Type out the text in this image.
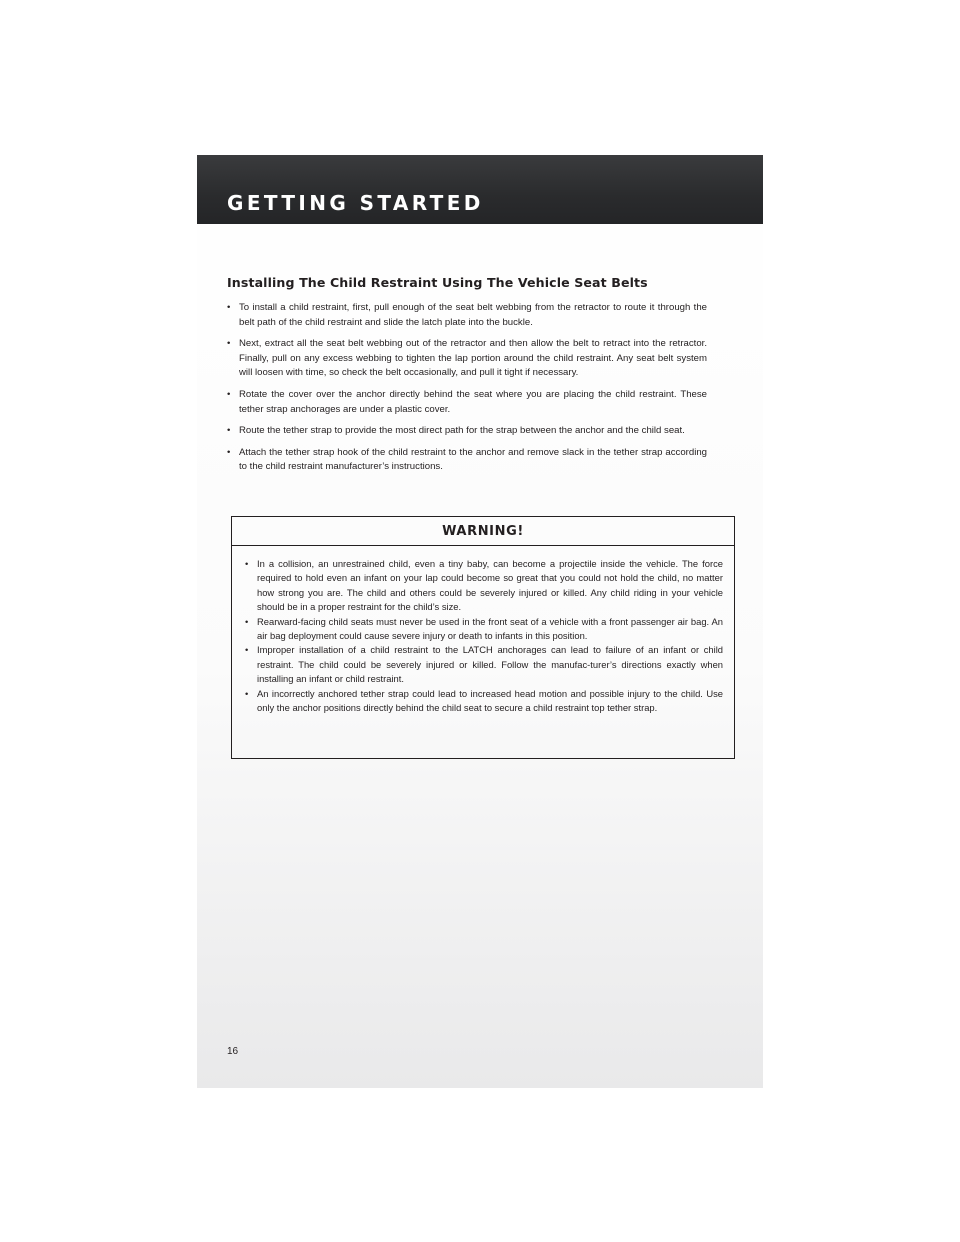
GETTING STARTED
Installing The Child Restraint Using The Vehicle Seat Belts
• To install a child restraint, first, pull enough of the seat belt webbing from the retractor to route it through the belt path of the child restraint and slide the latch plate into the buckle.
• Next, extract all the seat belt webbing out of the retractor and then allow the belt to retract into the retractor. Finally, pull on any excess webbing to tighten the lap portion around the child restraint. Any seat belt system will loosen with time, so check the belt occasionally, and pull it tight if necessary.
• Rotate the cover over the anchor directly behind the seat where you are placing the child restraint. These tether strap anchorages are under a plastic cover.
• Route the tether strap to provide the most direct path for the strap between the anchor and the child seat.
• Attach the tether strap hook of the child restraint to the anchor and remove slack in the tether strap according to the child restraint manufacturer’s instructions.

WARNING!

• In a collision, an unrestrained child, even a tiny baby, can become a projectile inside the vehicle. The force required to hold even an infant on your lap could become so great that you could not hold the child, no matter how strong you are. The child and others could be severely injured or killed. Any child riding in your vehicle should be in a proper restraint for the child’s size.
• Rearward-facing child seats must never be used in the front seat of a vehicle with a front passenger air bag. An air bag deployment could cause severe injury or death to infants in this position.
• Improper installation of a child restraint to the LATCH anchorages can lead to failure of an infant or child restraint. The child could be severely injured or killed. Follow the manufac-turer’s directions exactly when installing an infant or child restraint.
• An incorrectly anchored tether strap could lead to increased head motion and possible injury to the child. Use only the anchor positions directly behind the child seat to secure a child restraint top tether strap.

16
